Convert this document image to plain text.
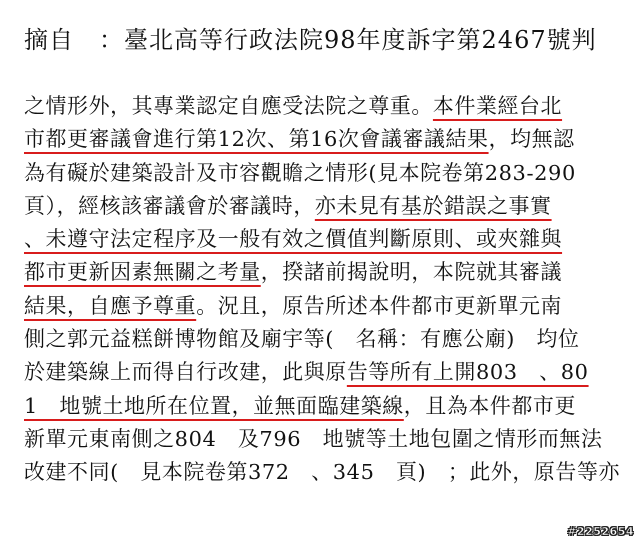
摘自　：臺北高等行政法院98年度訴字第2467號判
之情形外，其專業認定自應受法院之尊重。本件業經台北
市都更審議會進行第12次、第16次會議審議結果，均無認
為有礙於建築設計及市容觀瞻之情形(見本院卷第283-290
頁），經核該審議會於審議時，亦未見有基於錯誤之事實
、未遵守法定程序及一般有效之價值判斷原則、或夾雜與
都市更新因素無關之考量，揆諸前揭說明，本院就其審議
結果，自應予尊重。況且，原告所述本件都市更新單元南
側之郭元益糕餅博物館及廟宇等(　名稱：有應公廟)　均位
於建築線上而得自行改建，此與原告等所有上開803　、80
1　地號土地所在位置，並無面臨建築線，且為本件都市更
新單元東南側之804　及796　地號等土地包圍之情形而無法
改建不同(　見本院卷第372　、345　頁)　；此外，原告等亦
#2252654
